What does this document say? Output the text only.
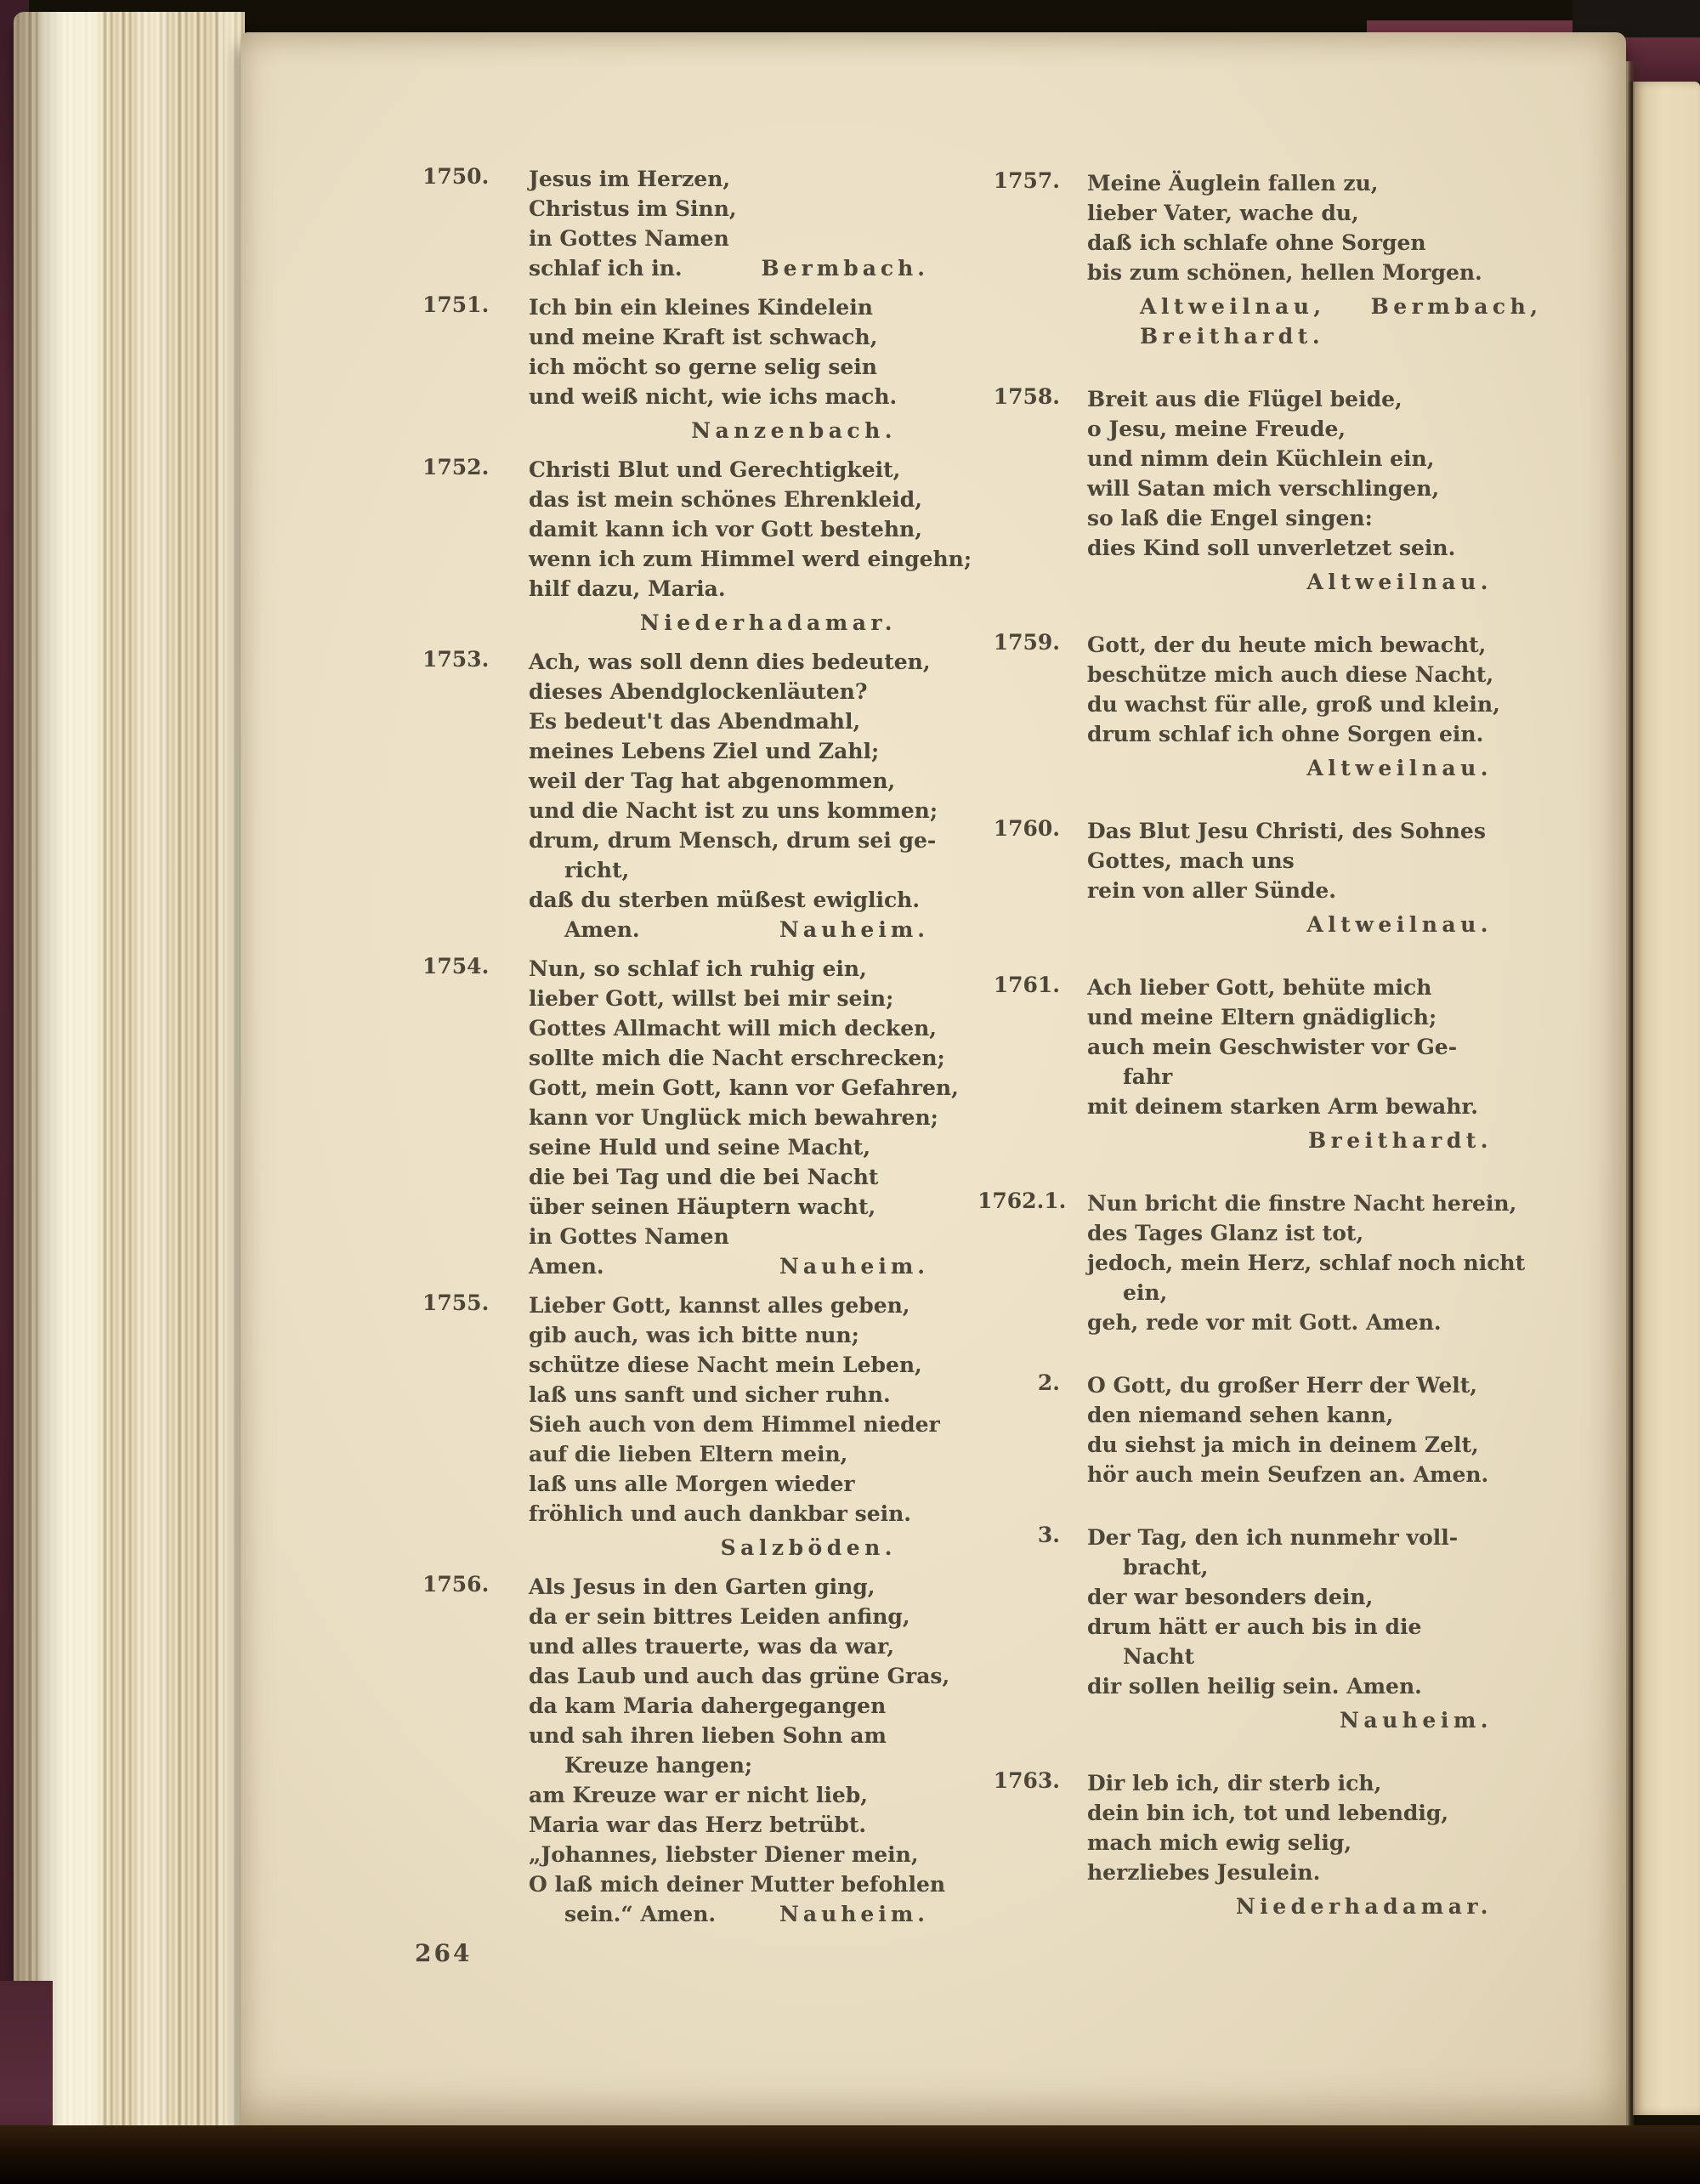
1750. Jesus im Herzen,
Christus im Sinn,
in Gottes Namen
schlaf ich in.	Bermbach.
1751. Ich bin ein kleines Kindelein
und meine Kraft ist schwach,
ich möcht so gerne selig sein
und weiß nicht, wie ichs mach.
Nanzenbach.
1752. Christi Blut und Gerechtigkeit,
das ist mein schönes Ehrenkleid,
damit kann ich vor Gott bestehn,
wenn ich zum Himmel werd eingehn;
hilf dazu, Maria.
Niederhadamar.
1753. Ach, was soll denn dies bedeuten,
dieses Abendglockenläuten?
Es bedeut't das Abendmahl,
meines Lebens Ziel und Zahl;
weil der Tag hat abgenommen,
und die Nacht ist zu uns kommen;
drum, drum Mensch, drum sei ge-
richt,
daß du sterben müßest ewiglich.
Amen.	Nauheim.
1754. Nun, so schlaf ich ruhig ein,
lieber Gott, willst bei mir sein;
Gottes Allmacht will mich decken,
sollte mich die Nacht erschrecken;
Gott, mein Gott, kann vor Gefahren,
kann vor Unglück mich bewahren;
seine Huld und seine Macht,
die bei Tag und die bei Nacht
über seinen Häuptern wacht,
in Gottes Namen
Amen.	Nauheim.
1755. Lieber Gott, kannst alles geben,
gib auch, was ich bitte nun;
schütze diese Nacht mein Leben,
laß uns sanft und sicher ruhn.
Sieh auch von dem Himmel nieder
auf die lieben Eltern mein,
laß uns alle Morgen wieder
fröhlich und auch dankbar sein.
Salzböden.
1756. Als Jesus in den Garten ging,
da er sein bittres Leiden anfing,
und alles trauerte, was da war,
das Laub und auch das grüne Gras,
da kam Maria dahergegangen
und sah ihren lieben Sohn am
Kreuze hangen;
am Kreuze war er nicht lieb,
Maria war das Herz betrübt.
„Johannes, liebster Diener mein,
O laß mich deiner Mutter befohlen
sein.“ Amen.	Nauheim.
1757. Meine Äuglein fallen zu,
lieber Vater, wache du,
daß ich schlafe ohne Sorgen
bis zum schönen, hellen Morgen.
Altweilnau, Bermbach,
Breithardt.
1758. Breit aus die Flügel beide,
o Jesu, meine Freude,
und nimm dein Küchlein ein,
will Satan mich verschlingen,
so laß die Engel singen:
dies Kind soll unverletzet sein.
Altweilnau.
1759. Gott, der du heute mich bewacht,
beschütze mich auch diese Nacht,
du wachst für alle, groß und klein,
drum schlaf ich ohne Sorgen ein.
Altweilnau.
1760. Das Blut Jesu Christi, des Sohnes
Gottes, mach uns
rein von aller Sünde.
Altweilnau.
1761. Ach lieber Gott, behüte mich
und meine Eltern gnädiglich;
auch mein Geschwister vor Ge-
fahr
mit deinem starken Arm bewahr.
Breithardt.
1762.1. Nun bricht die finstre Nacht herein,
des Tages Glanz ist tot,
jedoch, mein Herz, schlaf noch nicht
ein,
geh, rede vor mit Gott. Amen.
2. O Gott, du großer Herr der Welt,
den niemand sehen kann,
du siehst ja mich in deinem Zelt,
hör auch mein Seufzen an. Amen.
3. Der Tag, den ich nunmehr voll-
bracht,
der war besonders dein,
drum hätt er auch bis in die
Nacht
dir sollen heilig sein. Amen.
Nauheim.
1763. Dir leb ich, dir sterb ich,
dein bin ich, tot und lebendig,
mach mich ewig selig,
herzliebes Jesulein.
Niederhadamar.
264
